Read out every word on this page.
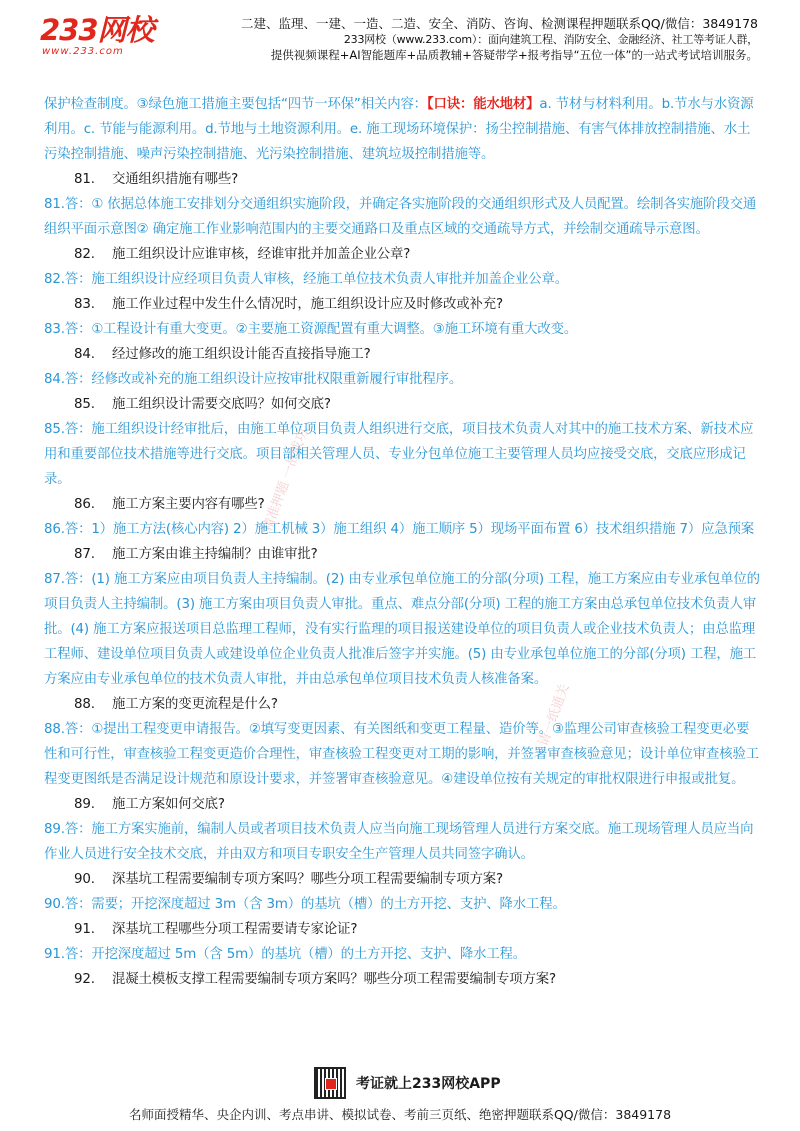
233网校
www.233.com
二建、监理、一建、一造、二造、安全、消防、咨询、检测课程押题联系QQ/微信：3849178
233网校（www.233.com）：面向建筑工程、消防安全、金融经济、社工等考证人群，
提供视频课程+AI智能题库+品质教辅+答疑带学+报考指导“五位一体”的一站式考试培训服务。
精准押题 一战成功
请一纸通关

保护检查制度。③绿色施工措施主要包括“四节一环保”相关内容：【口诀：能水地材】a. 节材与材料利用。b.节水与水资源利用。c. 节能与能源利用。d.节地与土地资源利用。e. 施工现场环境保护：扬尘控制措施、有害气体排放控制措施、水土污染控制措施、噪声污染控制措施、光污染控制措施、建筑垃圾控制措施等。

81. 交通组织措施有哪些?

81.答：① 依据总体施工安排划分交通组织实施阶段，并确定各实施阶段的交通组织形式及人员配置。绘制各实施阶段交通组织平面示意图② 确定施工作业影响范围内的主要交通路口及重点区域的交通疏导方式，并绘制交通疏导示意图。

82. 施工组织设计应谁审核，经谁审批并加盖企业公章?

82.答：施工组织设计应经项目负责人审核，经施工单位技术负责人审批并加盖企业公章。

83. 施工作业过程中发生什么情况时，施工组织设计应及时修改或补充?

83.答：①工程设计有重大变更。②主要施工资源配置有重大调整。③施工环境有重大改变。

84. 经过修改的施工组织设计能否直接指导施工?

84.答：经修改或补充的施工组织设计应按审批权限重新履行审批程序。

85. 施工组织设计需要交底吗？如何交底?

85.答：施工组织设计经审批后，由施工单位项目负责人组织进行交底，项目技术负责人对其中的施工技术方案、新技术应用和重要部位技术措施等进行交底。项目部相关管理人员、专业分包单位施工主要管理人员均应接受交底，交底应形成记录。

86. 施工方案主要内容有哪些?

86.答：1）施工方法(核心内容) 2）施工机械 3）施工组织 4）施工顺序 5）现场平面布置 6）技术组织措施 7）应急预案

87. 施工方案由谁主持编制？由谁审批?

87.答：(1) 施工方案应由项目负责人主持编制。(2) 由专业承包单位施工的分部(分项) 工程，施工方案应由专业承包单位的项目负责人主持编制。(3) 施工方案由项目负责人审批。重点、难点分部(分项) 工程的施工方案由总承包单位技术负责人审批。(4) 施工方案应报送项目总监理工程师，没有实行监理的项目报送建设单位的项目负责人或企业技术负责人；由总监理工程师、建设单位项目负责人或建设单位企业负责人批准后签字并实施。(5) 由专业承包单位施工的分部(分项) 工程，施工方案应由专业承包单位的技术负责人审批，并由总承包单位项目技术负责人核准备案。

88. 施工方案的变更流程是什么?

88.答：①提出工程变更申请报告。②填写变更因素、有关图纸和变更工程量、造价等。③监理公司审查核验工程变更必要性和可行性，审查核验工程变更造价合理性，审查核验工程变更对工期的影响，并签署审查核验意见；设计单位审查核验工程变更图纸是否满足设计规范和原设计要求，并签署审查核验意见。④建设单位按有关规定的审批权限进行申报或批复。

89. 施工方案如何交底?

89.答：施工方案实施前，编制人员或者项目技术负责人应当向施工现场管理人员进行方案交底。施工现场管理人员应当向作业人员进行安全技术交底，并由双方和项目专职安全生产管理人员共同签字确认。

90. 深基坑工程需要编制专项方案吗？哪些分项工程需要编制专项方案?

90.答：需要；开挖深度超过 3m（含 3m）的基坑（槽）的土方开挖、支护、降水工程。

91. 深基坑工程哪些分项工程需要请专家论证?

91.答：开挖深度超过 5m（含 5m）的基坑（槽）的土方开挖、支护、降水工程。

92. 混凝土模板支撑工程需要编制专项方案吗？哪些分项工程需要编制专项方案?

考证就上233网校APP
名师面授精华、央企内训、考点串讲、模拟试卷、考前三页纸、绝密押题联系QQ/微信：3849178
